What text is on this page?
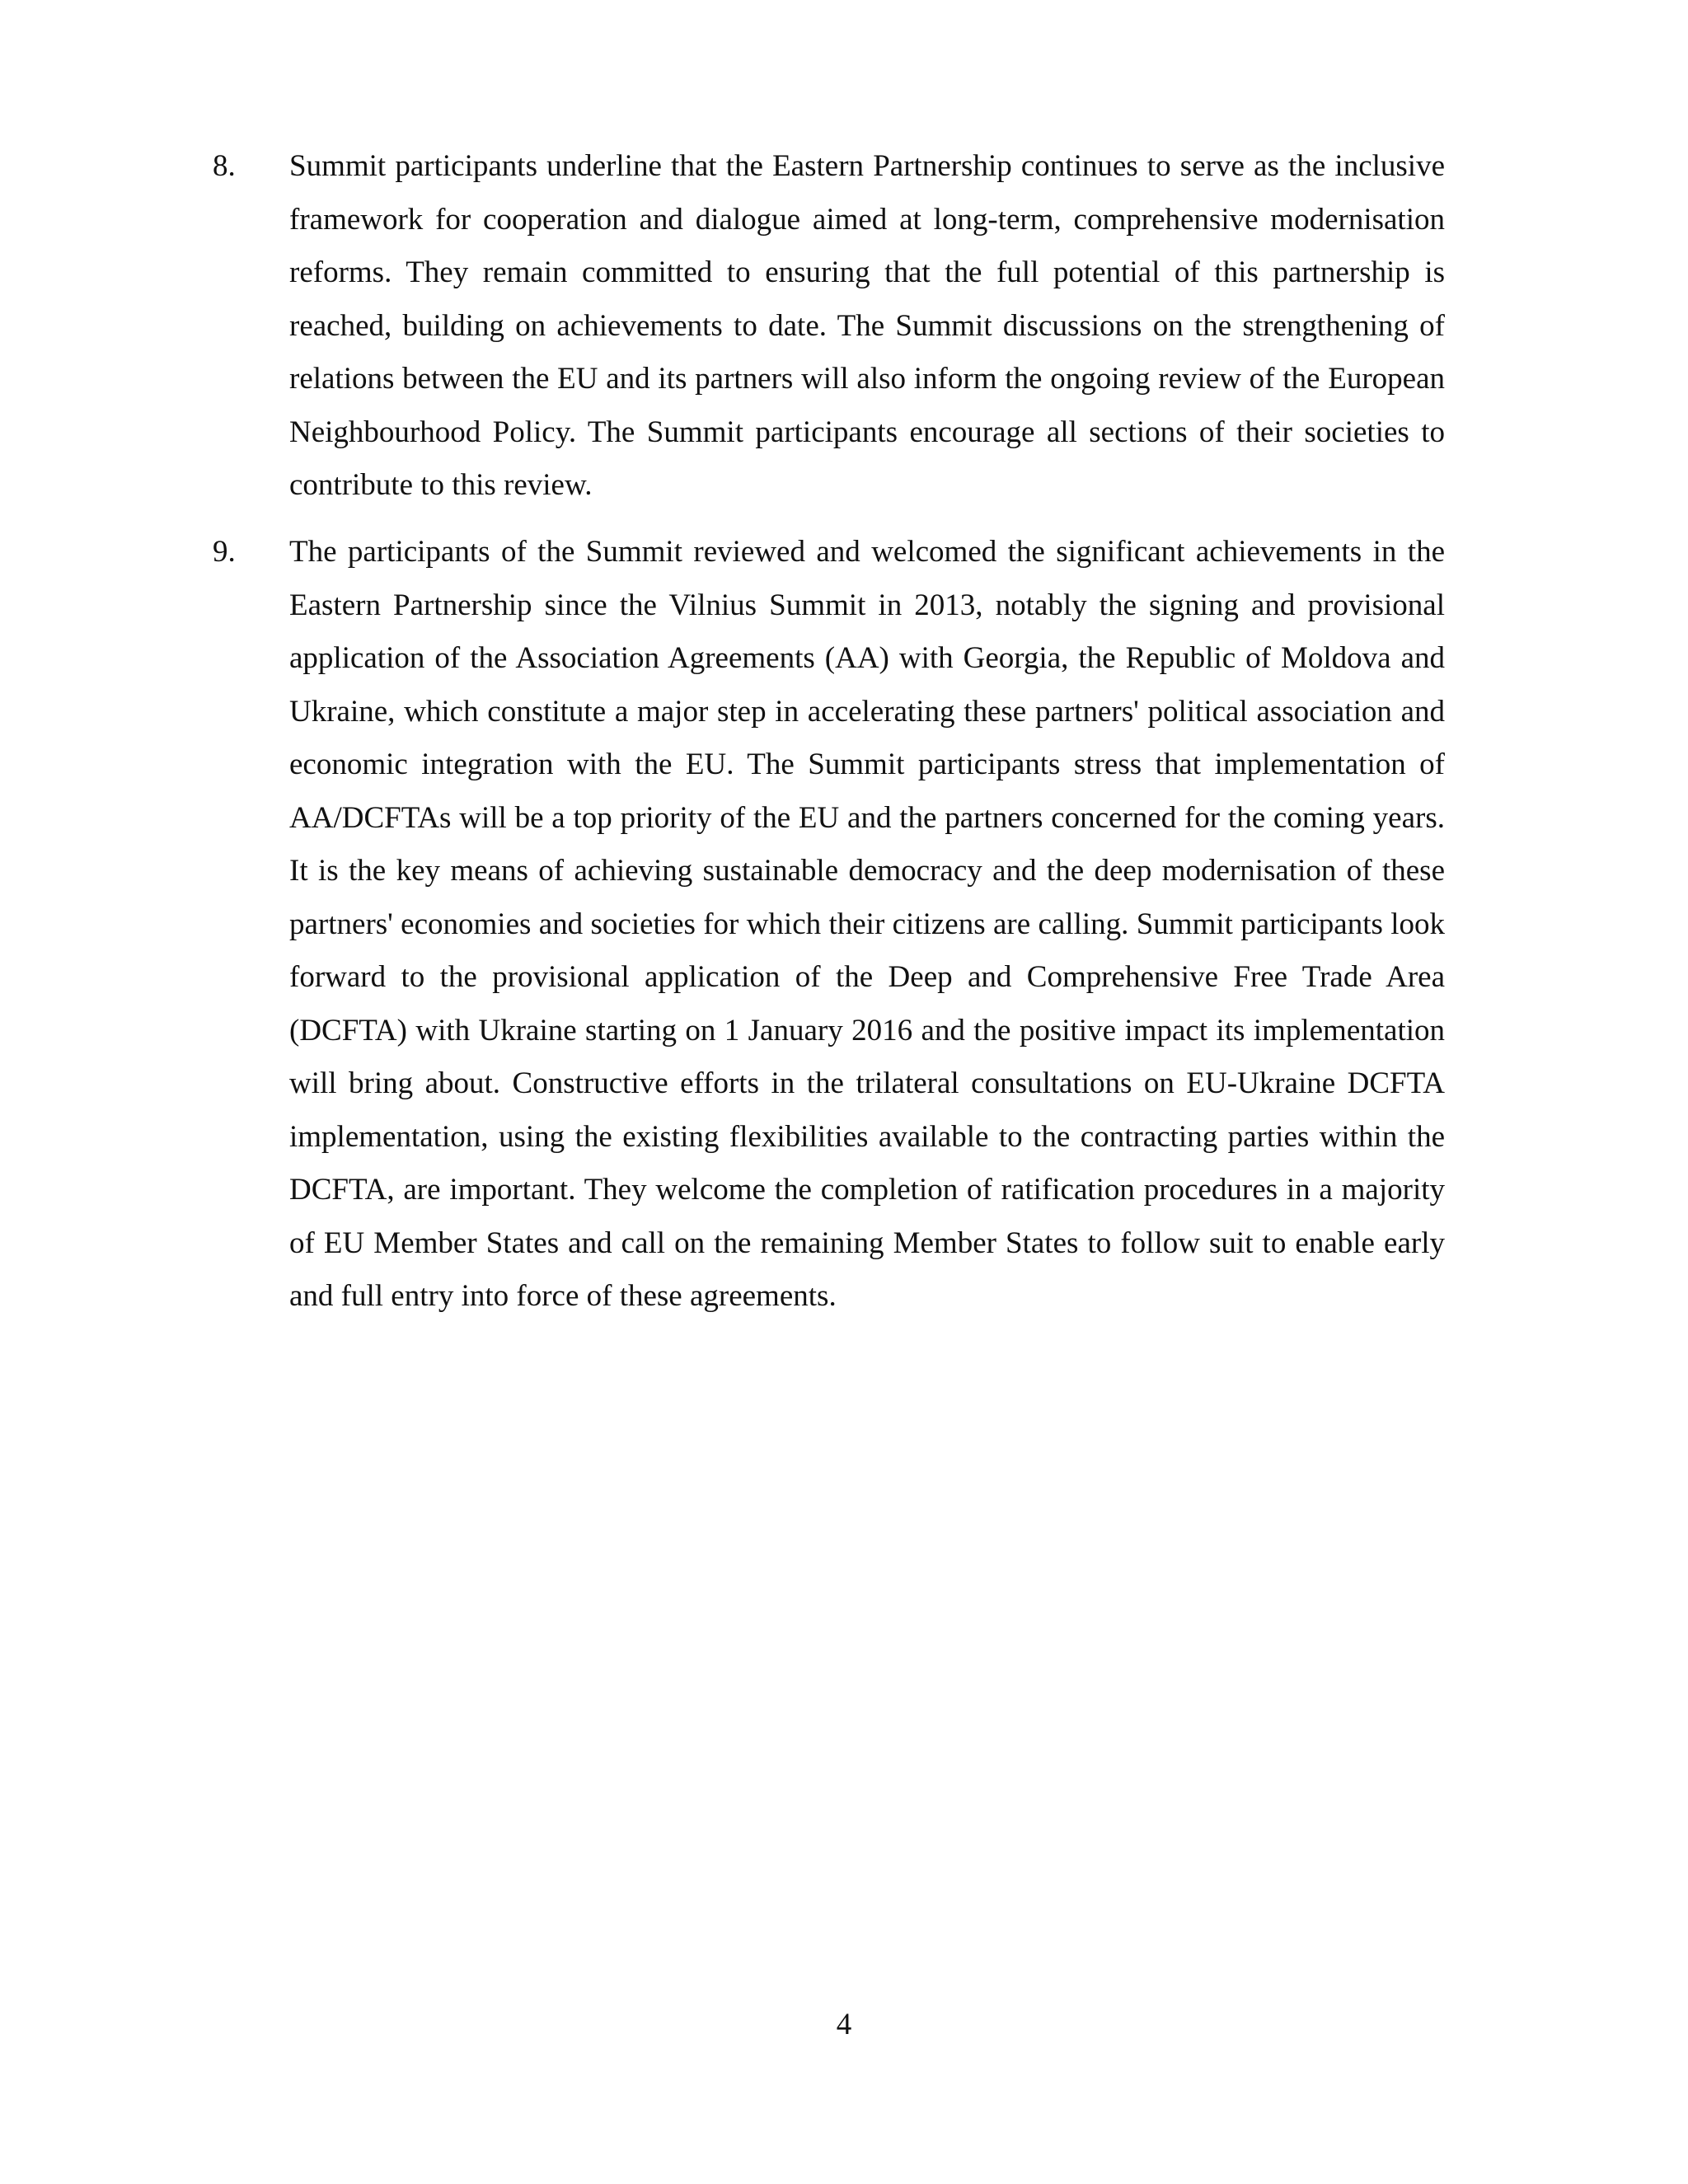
8. Summit participants underline that the Eastern Partnership continues to serve as the inclusive framework for cooperation and dialogue aimed at long-term, comprehensive modernisation reforms. They remain committed to ensuring that the full potential of this partnership is reached, building on achievements to date. The Summit discussions on the strengthening of relations between the EU and its partners will also inform the ongoing review of the European Neighbourhood Policy. The Summit participants encourage all sections of their societies to contribute to this review.
9. The participants of the Summit reviewed and welcomed the significant achievements in the Eastern Partnership since the Vilnius Summit in 2013, notably the signing and provisional application of the Association Agreements (AA) with Georgia, the Republic of Moldova and Ukraine, which constitute a major step in accelerating these partners' political association and economic integration with the EU. The Summit participants stress that implementation of AA/DCFTAs will be a top priority of the EU and the partners concerned for the coming years. It is the key means of achieving sustainable democracy and the deep modernisation of these partners' economies and societies for which their citizens are calling. Summit participants look forward to the provisional application of the Deep and Comprehensive Free Trade Area (DCFTA) with Ukraine starting on 1 January 2016 and the positive impact its implementation will bring about. Constructive efforts in the trilateral consultations on EU-Ukraine DCFTA implementation, using the existing flexibilities available to the contracting parties within the DCFTA, are important. They welcome the completion of ratification procedures in a majority of EU Member States and call on the remaining Member States to follow suit to enable early and full entry into force of these agreements.
4
